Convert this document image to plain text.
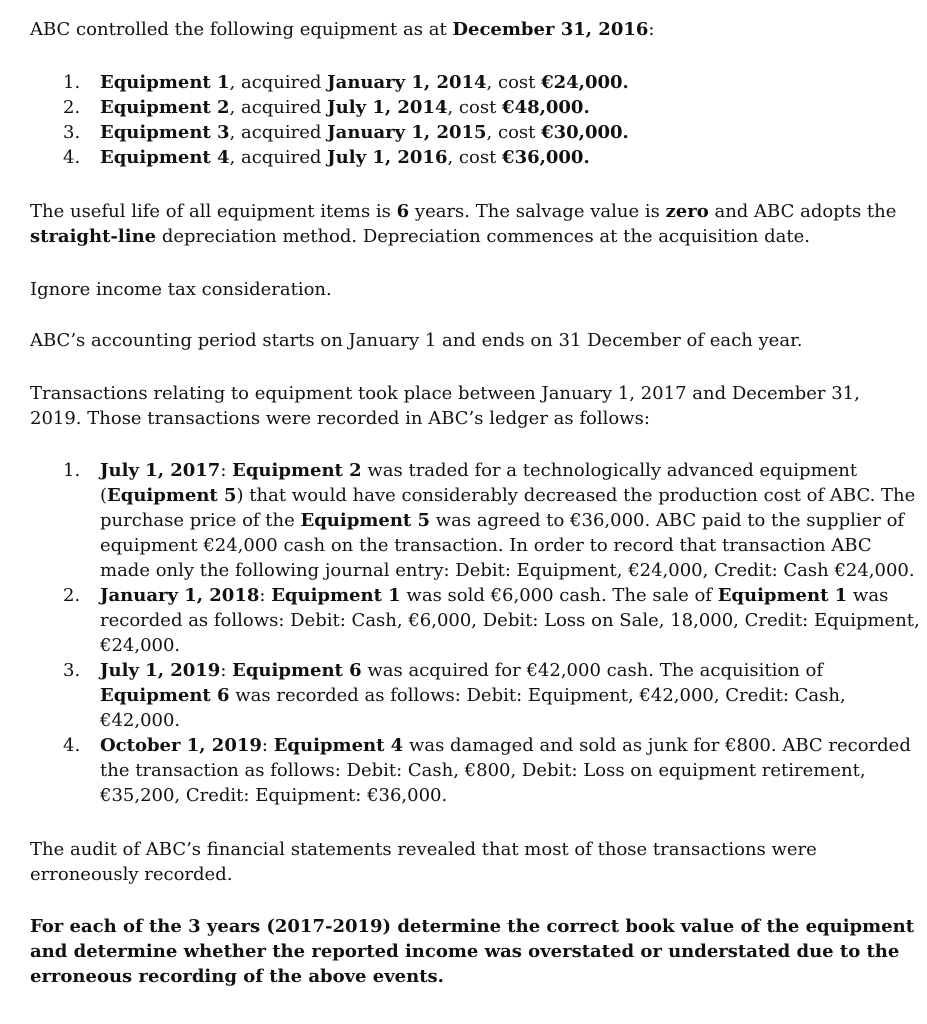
ABC controlled the following equipment as at December 31, 2016:

1.	Equipment 1, acquired January 1, 2014, cost €24,000.
2.	Equipment 2, acquired July 1, 2014, cost €48,000.
3.	Equipment 3, acquired January 1, 2015, cost €30,000.
4.	Equipment 4, acquired July 1, 2016, cost €36,000.

The useful life of all equipment items is 6 years. The salvage value is zero and ABC adopts the
straight-line depreciation method. Depreciation commences at the acquisition date.

Ignore income tax consideration.

ABC’s accounting period starts on January 1 and ends on 31 December of each year.

Transactions relating to equipment took place between January 1, 2017 and December 31,
2019. Those transactions were recorded in ABC’s ledger as follows:

1.	July 1, 2017: Equipment 2 was traded for a technologically advanced equipment
(Equipment 5) that would have considerably decreased the production cost of ABC. The
purchase price of the Equipment 5 was agreed to €36,000. ABC paid to the supplier of
equipment €24,000 cash on the transaction. In order to record that transaction ABC
made only the following journal entry: Debit: Equipment, €24,000, Credit: Cash €24,000.
2.	January 1, 2018: Equipment 1 was sold €6,000 cash. The sale of Equipment 1 was
recorded as follows: Debit: Cash, €6,000, Debit: Loss on Sale, 18,000, Credit: Equipment,
€24,000.
3.	July 1, 2019: Equipment 6 was acquired for €42,000 cash. The acquisition of
Equipment 6 was recorded as follows: Debit: Equipment, €42,000, Credit: Cash,
€42,000.
4.	October 1, 2019: Equipment 4 was damaged and sold as junk for €800. ABC recorded
the transaction as follows: Debit: Cash, €800, Debit: Loss on equipment retirement,
€35,200, Credit: Equipment: €36,000.

The audit of ABC’s financial statements revealed that most of those transactions were
erroneously recorded.

For each of the 3 years (2017-2019) determine the correct book value of the equipment
and determine whether the reported income was overstated or understated due to the
erroneous recording of the above events.
